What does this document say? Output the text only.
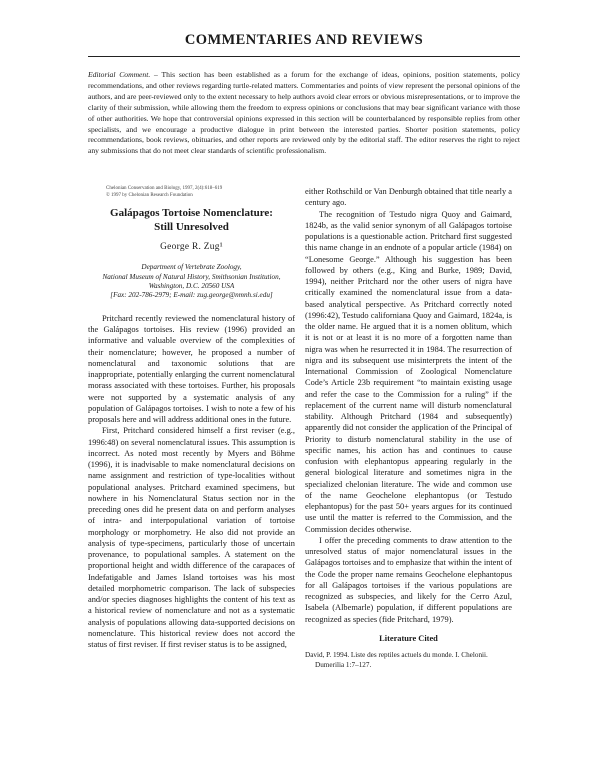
COMMENTARIES AND REVIEWS
Editorial Comment. – This section has been established as a forum for the exchange of ideas, opinions, position statements, policy recommendations, and other reviews regarding turtle-related matters. Commentaries and points of view represent the personal opinions of the authors, and are peer-reviewed only to the extent necessary to help authors avoid clear errors or obvious misrepresentations, or to improve the clarity of their submission, while allowing them the freedom to express opinions or conclusions that may bear significant variance with those of other authorities. We hope that controversial opinions expressed in this section will be counterbalanced by responsible replies from other specialists, and we encourage a productive dialogue in print between the interested parties. Shorter position statements, policy recommendations, book reviews, obituaries, and other reports are reviewed only by the editorial staff. The editor reserves the right to reject any submissions that do not meet clear standards of scientific professionalism.
Chelonian Conservation and Biology, 1997, 2(4):618–619
© 1997 by Chelonian Research Foundation
Galápagos Tortoise Nomenclature:
Still Unresolved
George R. Zug¹
Department of Vertebrate Zoology,
National Museum of Natural History, Smithsonian Institution,
Washington, D.C. 20560 USA
[Fax: 202-786-2979; E-mail: zug.george@nmnh.si.edu]

Pritchard recently reviewed the nomenclatural history of the Galápagos tortoises. His review (1996) provided an informative and valuable overview of the complexities of their nomenclature; however, he proposed a number of nomenclatural and taxonomic solutions that are inappropriate, potentially enlarging the current nomenclatural morass associated with these tortoises. Further, his proposals were not supported by a systematic analysis of any population of Galápagos tortoises. I wish to note a few of his proposals here and will address additional ones in the future.

First, Pritchard considered himself a first reviser (e.g., 1996:48) on several nomenclatural issues. This assumption is incorrect. As noted most recently by Myers and Böhme (1996), it is inadvisable to make nomenclatural decisions on name assignment and restriction of type-localities without populational analyses. Pritchard examined specimens, but nowhere in his Nomenclatural Status section nor in the preceding ones did he present data on and perform analyses of intra- and interpopulational variation of tortoise morphology or morphometry. He also did not provide an analysis of type-specimens, particularly those of uncertain provenance, to populational samples. A statement on the proportional height and width difference of the carapaces of Indefatigable and James Island tortoises was his most detailed morphometric comparison. The lack of subspecies and/or species diagnoses highlights the content of his text as a historical review of nomenclature and not as a systematic analysis of populations allowing data-supported decisions on nomenclature. This historical review does not accord the status of first reviser. If first reviser status is to be assigned,

either Rothschild or Van Denburgh obtained that title nearly a century ago.

The recognition of Testudo nigra Quoy and Gaimard, 1824b, as the valid senior synonym of all Galápagos tortoise populations is a questionable action. Pritchard first suggested this name change in an endnote of a popular article (1984) on “Lonesome George.” Although his suggestion has been followed by others (e.g., King and Burke, 1989; David, 1994), neither Pritchard nor the other users of nigra have critically examined the nomenclatural issue from a data-based analytical perspective. As Pritchard correctly noted (1996:42), Testudo californiana Quoy and Gaimard, 1824a, is the older name. He argued that it is a nomen oblitum, which it is not or at least it is no more of a forgotten name than nigra was when he resurrected it in 1984. The resurrection of nigra and its subsequent use misinterprets the intent of the International Commission of Zoological Nomenclature Code’s Article 23b requirement “to maintain existing usage and refer the case to the Commission for a ruling” if the replacement of the current name will disturb nomenclatural stability. Although Pritchard (1984 and subsequently) apparently did not consider the application of the Principal of Priority to disturb nomenclatural stability in the use of specific names, his action has and continues to cause confusion with elephantopus appearing regularly in the general biological literature and sometimes nigra in the specialized chelonian literature. The wide and common use of the name Geochelone elephantopus (or Testudo elephantopus) for the past 50+ years argues for its continued use until the matter is referred to the Commission, and the Commission decides otherwise.

I offer the preceding comments to draw attention to the unresolved status of major nomenclatural issues in the Galápagos tortoises and to emphasize that within the intent of the Code the proper name remains Geochelone elephantopus for all Galápagos tortoises if the various populations are recognized as subspecies, and likely for the Cerro Azul, Isabela (Albemarle) population, if different populations are recognized as species (fide Pritchard, 1979).

Literature Cited
David, P. 1994. Liste des reptiles actuels du monde. I. Chelonii. Dumerilia 1:7–127.
